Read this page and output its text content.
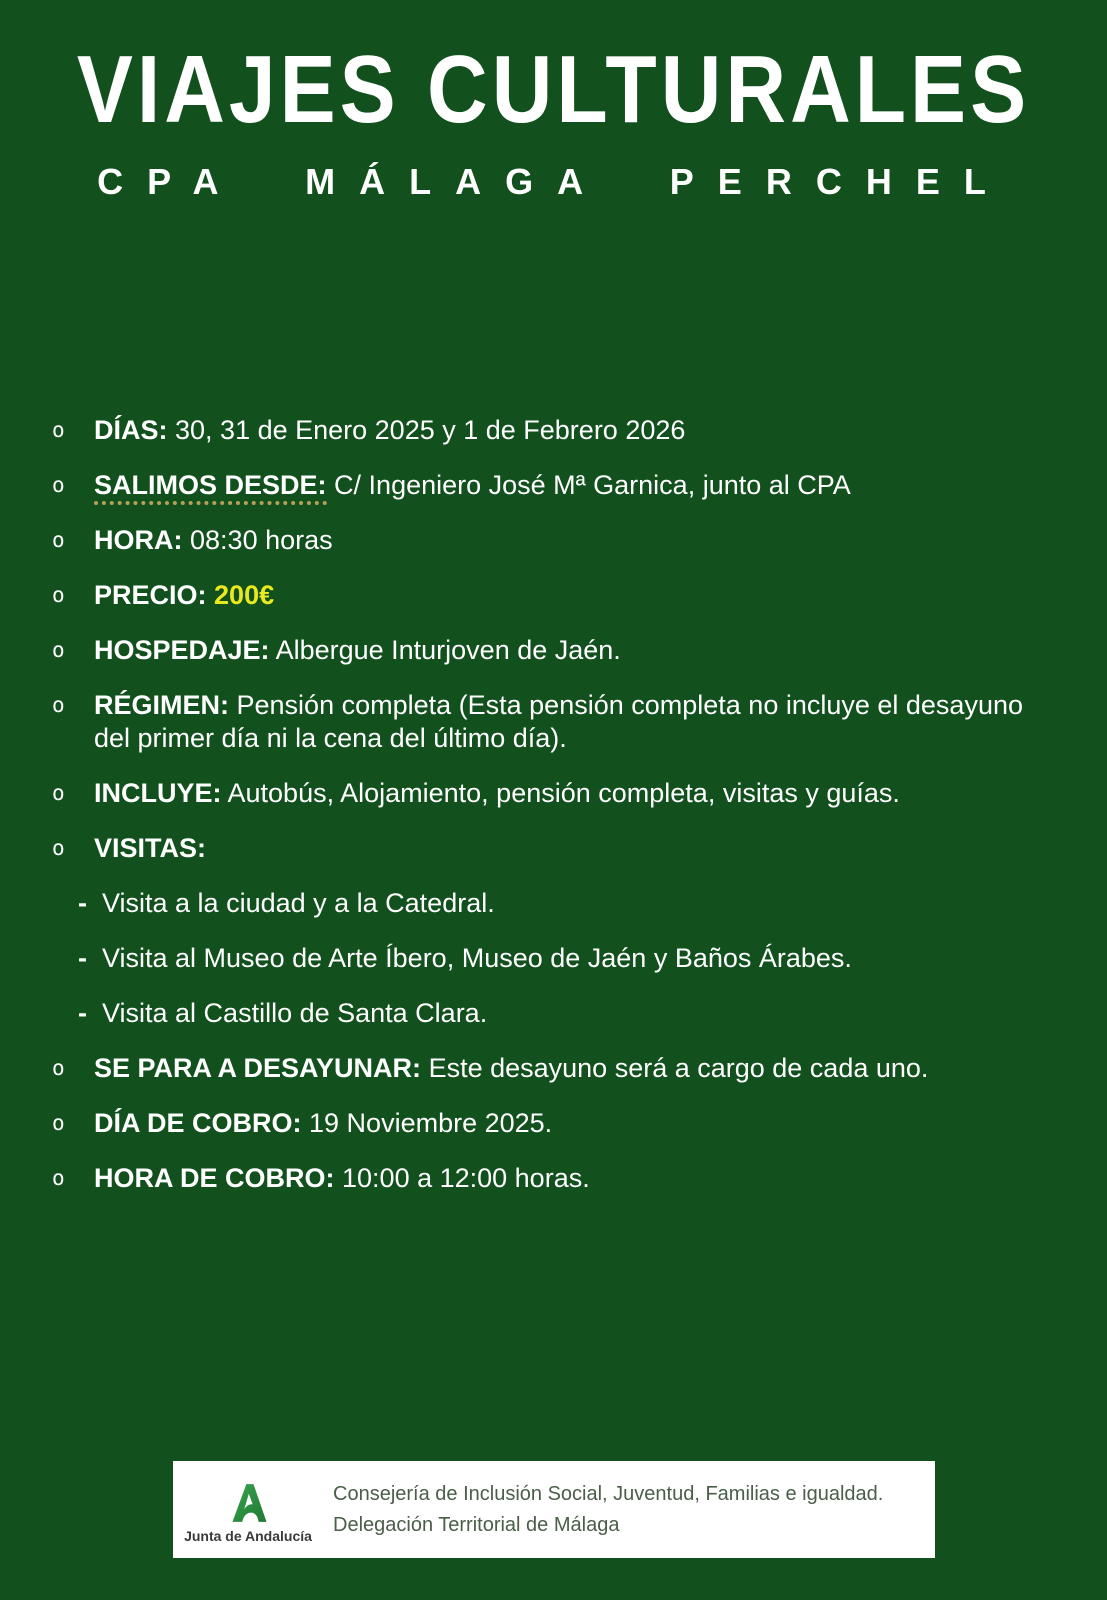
VIAJES CULTURALES
CPA MÁLAGA PERCHEL
o	DÍAS: 30, 31 de Enero 2025 y 1 de Febrero 2026
o	SALIMOS DESDE: C/ Ingeniero José Mª Garnica, junto al CPA
o	HORA: 08:30 horas
o	PRECIO: 200€
o	HOSPEDAJE: Albergue Inturjoven de Jaén.
o	RÉGIMEN: Pensión completa (Esta pensión completa no incluye el desayuno del primer día ni la cena del último día).
o	INCLUYE: Autobús, Alojamiento, pensión completa, visitas y guías.
o	VISITAS:
- Visita a la ciudad y a la Catedral.
- Visita al Museo de Arte Íbero, Museo de Jaén y Baños Árabes.
- Visita al Castillo de Santa Clara.
o	SE PARA A DESAYUNAR: Este desayuno será a cargo de cada uno.
o	DÍA DE COBRO: 19 Noviembre 2025.
o	HORA DE COBRO: 10:00 a 12:00 horas.
Junta de Andalucía
Consejería de Inclusión Social, Juventud, Familias e igualdad.
Delegación Territorial de Málaga
